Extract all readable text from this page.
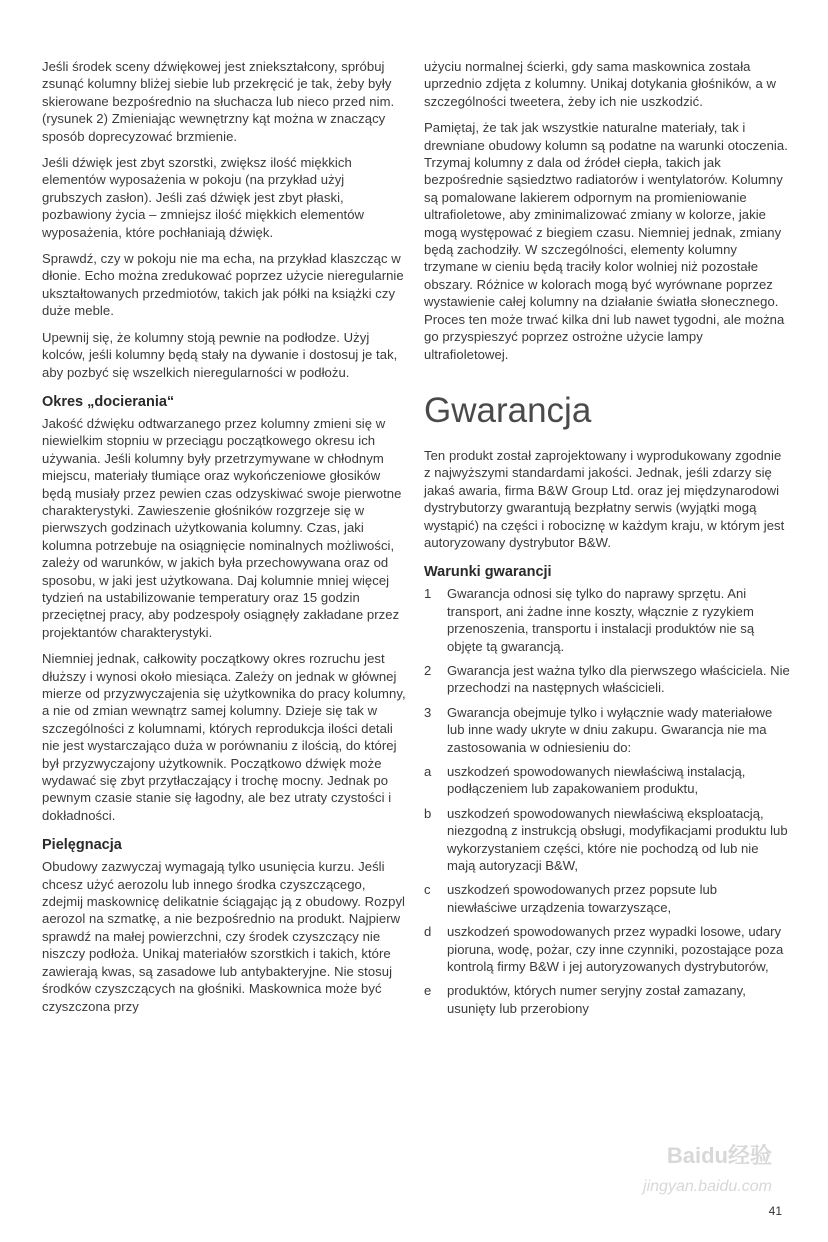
Jeśli środek sceny dźwiękowej jest zniekształcony, spróbuj zsunąć kolumny bliżej siebie lub przekręcić je tak, żeby były skierowane bezpośrednio na słuchacza lub nieco przed nim. (rysunek 2) Zmieniając wewnętrzny kąt można w znaczący sposób doprecyzować brzmienie.

Jeśli dźwięk jest zbyt szorstki, zwiększ ilość miękkich elementów wyposażenia w pokoju (na przykład użyj grubszych zasłon). Jeśli zaś dźwięk jest zbyt płaski, pozbawiony życia – zmniejsz ilość miękkich elementów wyposażenia, które pochłaniają dźwięk.

Sprawdź, czy w pokoju nie ma echa, na przykład klaszcząc w dłonie. Echo można zredukować poprzez użycie nieregularnie ukształtowanych przedmiotów, takich jak półki na książki czy duże meble.

Upewnij się, że kolumny stoją pewnie na podłodze. Użyj kolców, jeśli kolumny będą stały na dywanie i dostosuj je tak, aby pozbyć się wszelkich nieregularności w podłożu.

Okres „docierania“

Jakość dźwięku odtwarzanego przez kolumny zmieni się w niewielkim stopniu w przeciągu początkowego okresu ich używania. Jeśli kolumny były przetrzymywane w chłodnym miejscu, materiały tłumiące oraz wykończeniowe głosików będą musiały przez pewien czas odzyskiwać swoje pierwotne charakterystyki. Zawieszenie głośników rozgrzeje się w pierwszych godzinach użytkowania kolumny. Czas, jaki kolumna potrzebuje na osiągnięcie nominalnych możliwości, zależy od warunków, w jakich była przechowywana oraz od sposobu, w jaki jest użytkowana. Daj kolumnie mniej więcej tydzień na ustabilizowanie temperatury oraz 15 godzin przeciętnej pracy, aby podzespoły osiągnęły zakładane przez projektantów charakterystyki.

Niemniej jednak, całkowity początkowy okres rozruchu jest dłuższy i wynosi około miesiąca. Zależy on jednak w głównej mierze od przyzwyczajenia się użytkownika do pracy kolumny, a nie od zmian wewnątrz samej kolumny. Dzieje się tak w szczególności z kolumnami, których reprodukcja ilości detali nie jest wystarczająco duża w porównaniu z ilością, do której był przyzwyczajony użytkownik. Początkowo dźwięk może wydawać się zbyt przytłaczający i trochę mocny. Jednak po pewnym czasie stanie się łagodny, ale bez utraty czystości i dokładności.

Pielęgnacja

Obudowy zazwyczaj wymagają tylko usunięcia kurzu. Jeśli chcesz użyć aerozolu lub innego środka czyszczącego, zdejmij maskownicę delikatnie ściągając ją z obudowy. Rozpyl aerozol na szmatkę, a nie bezpośrednio na produkt. Najpierw sprawdź na małej powierzchni, czy środek czyszczący nie niszczy podłoża. Unikaj materiałów szorstkich i takich, które zawierają kwas, są zasadowe lub antybakteryjne. Nie stosuj środków czyszczących na głośniki. Maskownica może być czyszczona przy

użyciu normalnej ścierki, gdy sama maskownica została uprzednio zdjęta z kolumny. Unikaj dotykania głośników, a w szczególności tweetera, żeby ich nie uszkodzić.

Pamiętaj, że tak jak wszystkie naturalne materiały, tak i drewniane obudowy kolumn są podatne na warunki otoczenia. Trzymaj kolumny z dala od źródeł ciepła, takich jak bezpośrednie sąsiedztwo radiatorów i wentylatorów. Kolumny są pomalowane lakierem odpornym na promieniowanie ultrafioletowe, aby zminimalizować zmiany w kolorze, jakie mogą występować z biegiem czasu. Niemniej jednak, zmiany będą zachodziły. W szczególności, elementy kolumny trzymane w cieniu będą traciły kolor wolniej niż pozostałe obszary. Różnice w kolorach mogą być wyrównane poprzez wystawienie całej kolumny na działanie światła słonecznego. Proces ten może trwać kilka dni lub nawet tygodni, ale można go przyspieszyć poprzez ostrożne użycie lampy ultrafioletowej.

Gwarancja

Ten produkt został zaprojektowany i wyprodukowany zgodnie z najwyższymi standardami jakości. Jednak, jeśli zdarzy się jakaś awaria, firma B&W Group Ltd. oraz jej międzynarodowi dystrybutorzy gwarantują bezpłatny serwis (wyjątki mogą wystąpić) na części i robociznę w każdym kraju, w którym jest autoryzowany dystrybutor B&W.

Warunki gwarancji
1 Gwarancja odnosi się tylko do naprawy sprzętu. Ani transport, ani żadne inne koszty, włącznie z ryzykiem przenoszenia, transportu i instalacji produktów nie są objęte tą gwarancją.
2 Gwarancja jest ważna tylko dla pierwszego właściciela. Nie przechodzi na następnych właścicieli.
3 Gwarancja obejmuje tylko i wyłącznie wady materiałowe lub inne wady ukryte w dniu zakupu. Gwarancja nie ma zastosowania w odniesieniu do:
a uszkodzeń spowodowanych niewłaściwą instalacją, podłączeniem lub zapakowaniem produktu,
b uszkodzeń spowodowanych niewłaściwą eksploatacją, niezgodną z instrukcją obsługi, modyfikacjami produktu lub wykorzystaniem części, które nie pochodzą od lub nie mają autoryzacji B&W,
c uszkodzeń spowodowanych przez popsute lub niewłaściwe urządzenia towarzyszące,
d uszkodzeń spowodowanych przez wypadki losowe, udary pioruna, wodę, pożar, czy inne czynniki, pozostające poza kontrolą firmy B&W i jej autoryzowanych dystrybutorów,
e produktów, których numer seryjny został zamazany, usunięty lub przerobiony
Baidu经验
jingyan.baidu.com
41
